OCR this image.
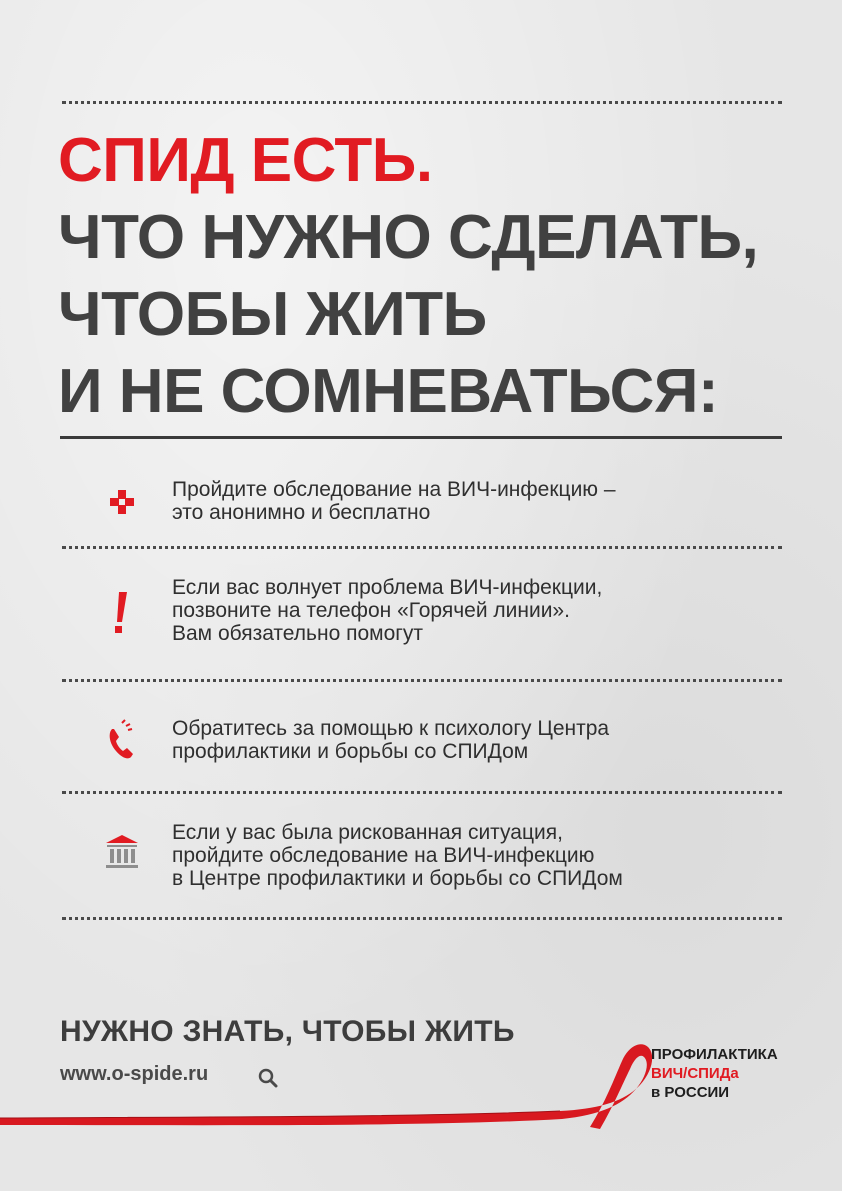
СПИД ЕСТЬ.
ЧТО НУЖНО СДЕЛАТЬ,
ЧТОБЫ ЖИТЬ
И НЕ СОМНЕВАТЬСЯ:
Пройдите обследование на ВИЧ-инфекцию –
это анонимно и бесплатно
Если вас волнует проблема ВИЧ-инфекции,
позвоните на телефон «Горячей линии».
Вам обязательно помогут
Обратитесь за помощью к психологу Центра
профилактики и борьбы со СПИДом
Если у вас была рискованная ситуация,
пройдите обследование на ВИЧ-инфекцию
в Центре профилактики и борьбы со СПИДом
НУЖНО ЗНАТЬ, ЧТОБЫ ЖИТЬ
www.o-spide.ru
ПРОФИЛАКТИКА
ВИЧ/СПИДа
в РОССИИ
